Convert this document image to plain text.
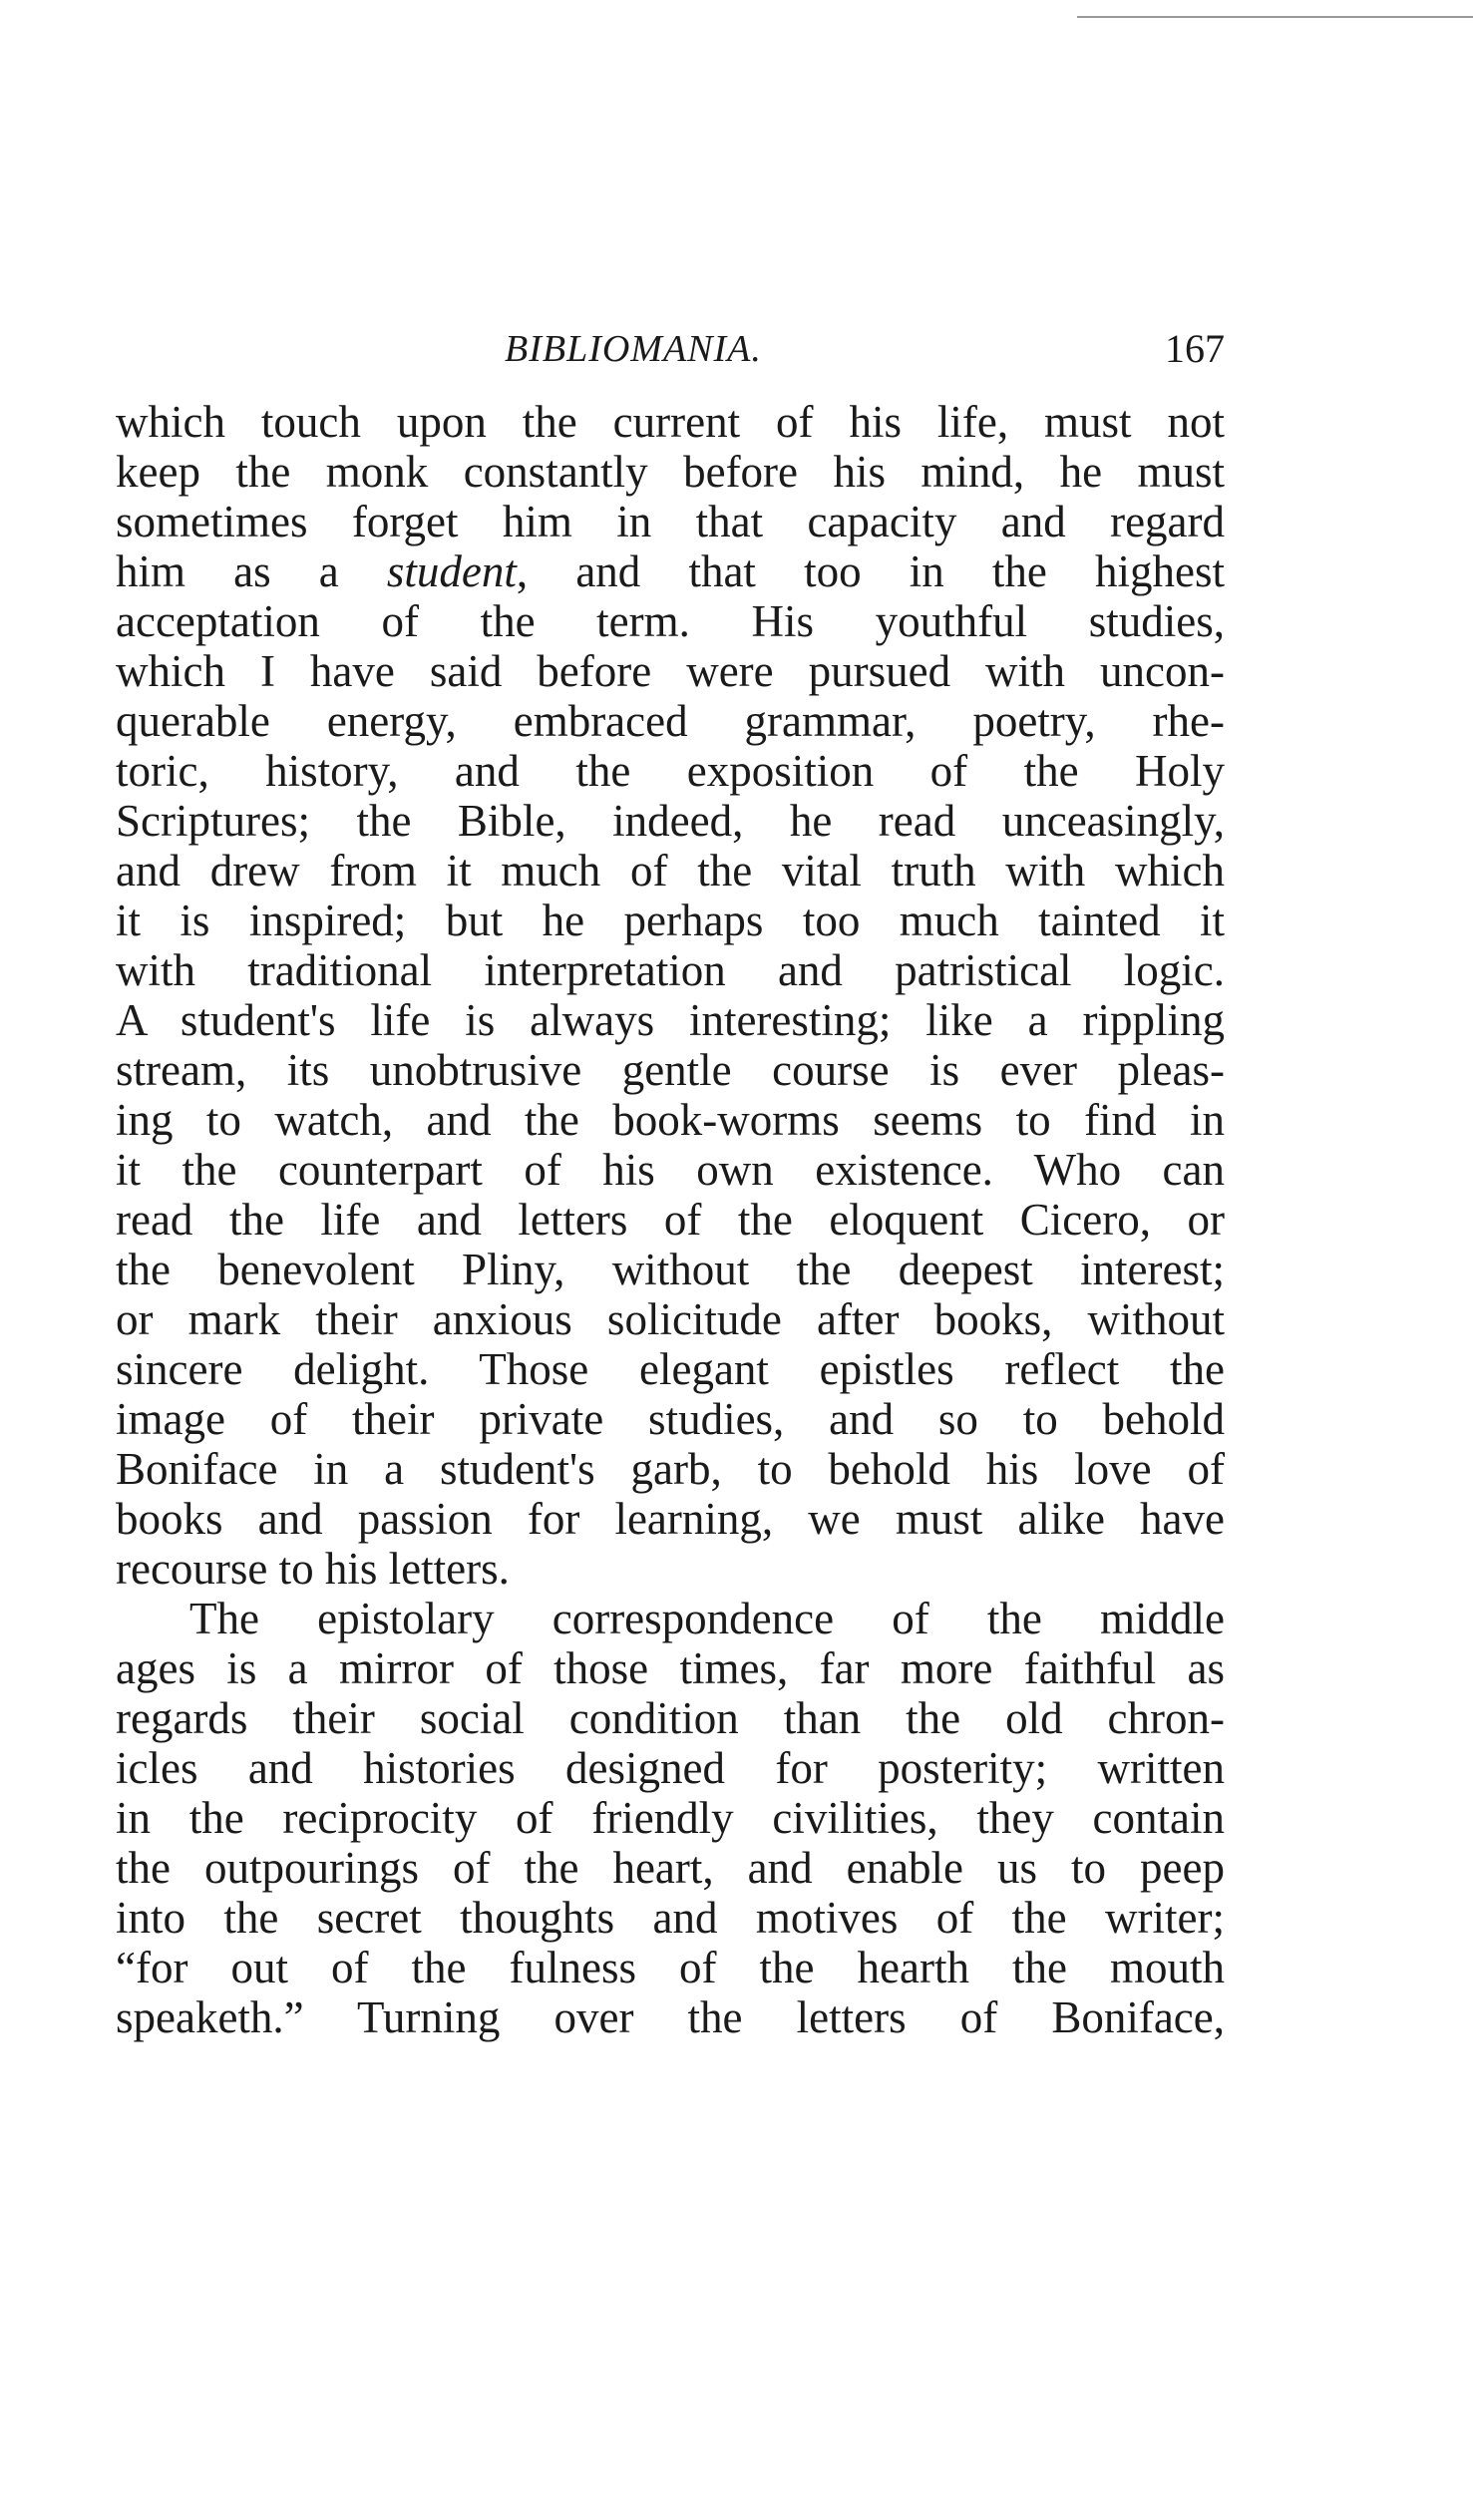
BIBLIOMANIA.	167
which touch upon the current of his life, must not
keep the monk constantly before his mind, he must
sometimes forget him in that capacity and regard
him as a student, and that too in the highest
acceptation of the term. His youthful studies,
which I have said before were pursued with uncon-
querable energy, embraced grammar, poetry, rhe-
toric, history, and the exposition of the Holy
Scriptures; the Bible, indeed, he read unceasingly,
and drew from it much of the vital truth with which
it is inspired; but he perhaps too much tainted it
with traditional interpretation and patristical logic.
A student's life is always interesting; like a rippling
stream, its unobtrusive gentle course is ever pleas-
ing to watch, and the book-worms seems to find in
it the counterpart of his own existence. Who can
read the life and letters of the eloquent Cicero, or
the benevolent Pliny, without the deepest interest;
or mark their anxious solicitude after books, without
sincere delight. Those elegant epistles reflect the
image of their private studies, and so to behold
Boniface in a student's garb, to behold his love of
books and passion for learning, we must alike have
recourse to his letters.
The epistolary correspondence of the middle
ages is a mirror of those times, far more faithful as
regards their social condition than the old chron-
icles and histories designed for posterity; written
in the reciprocity of friendly civilities, they contain
the outpourings of the heart, and enable us to peep
into the secret thoughts and motives of the writer;
“for out of the fulness of the hearth the mouth
speaketh.” Turning over the letters of Boniface,
